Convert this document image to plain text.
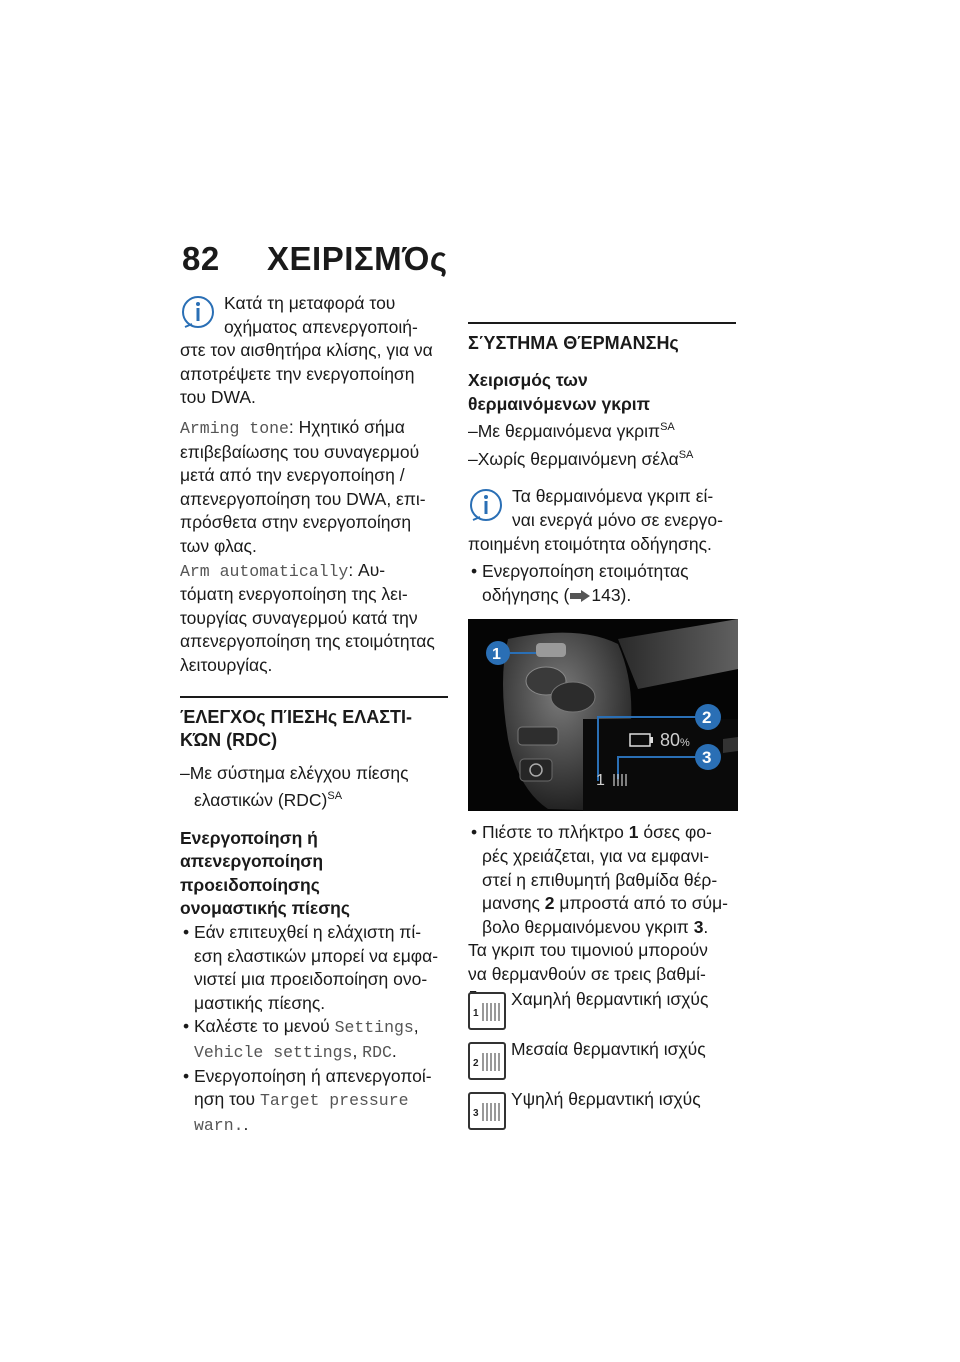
82 ΧΕΙΡΙΣΜΌς

Κατά τη μεταφορά του

οχήματος απενεργοποιή-

στε τον αισθητήρα κλίσης, για να

αποτρέψετε την ενεργοποίηση

του DWA.

Arming tone: Ηχητικό σήμα

επιβεβαίωσης του συναγερμού

μετά από την ενεργοποίηση /

απενεργοποίηση του DWA, επι-

πρόσθετα στην ενεργοποίηση

των φλας.

Arm automatically: Αυ-

τόματη ενεργοποίηση της λει-

τουργίας συναγερμού κατά την

απενεργοποίηση της ετοιμότητας

λειτουργίας.

ΈΛΕΓΧΟς ΠΊΕΣΗς ΕΛΑΣΤΙ-

ΚΏΝ (RDC)

–Με σύστημα ελέγχου πίεσης

ελαστικών (RDC)$^{SA}$

Ενεργοποίηση ή

απενεργοποίηση

προειδοποίησης

ονομαστικής πίεσης

• Εάν επιτευχθεί η ελάχιστη πί-

εση ελαστικών μπορεί να εμφα-

νιστεί μια προειδοποίηση ονο-

μαστικής πίεσης.

• Καλέστε το μενού Settings,

Vehicle settings, RDC.

• Ενεργοποίηση ή απενεργοποί-

ηση του Target pressure

warn..

ΣΎΣΤΗΜΑ ΘΈΡΜΑΝΣΗς

Χειρισμός των

θερμαινόμενων γκριπ

–Με θερμαινόμενα γκριπ$^{SA}$

–Χωρίς θερμαινόμενη σέλα$^{SA}$

Τα θερμαινόμενα γκριπ εί-

ναι ενεργά μόνο σε ενεργο-

ποιημένη ετοιμότητα οδήγησης.

• Ενεργοποίηση ετοιμότητας

οδήγησης ( 143).

1
2
3
80%
1

• Πιέστε το πλήκτρο 1 όσες φο-

ρές χρειάζεται, για να εμφανι-

στεί η επιθυμητή βαθμίδα θέρ-

μανσης 2 μπροστά από το σύμ-

βολο θερμαινόμενου γκριπ 3.

Τα γκριπ του τιμονιού μπορούν

να θερμανθούν σε τρεις βαθμί-

1
Χαμηλή θερμαντική ισχύς
2
Μεσαία θερμαντική ισχύς
3
Υψηλή θερμαντική ισχύς
